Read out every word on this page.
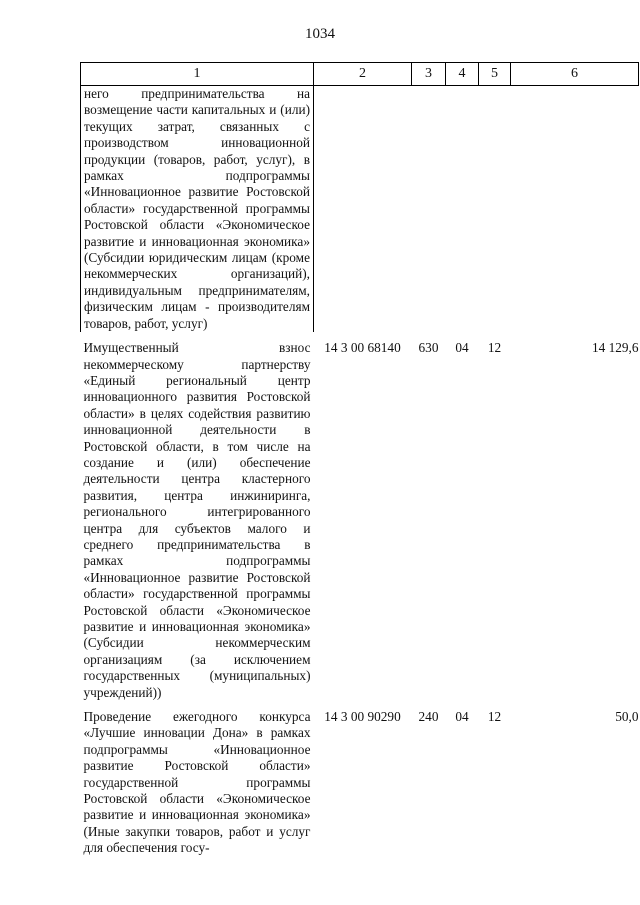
1034
1	2	3	4	5	6

него предпринимательства на возмещение части капитальных и (или) текущих затрат, связанных с производством инновационной продукции (товаров, работ, услуг), в рамках подпрограммы «Инновационное развитие Ростовской области» государственной программы Ростовской области «Экономическое развитие и инновационная экономика» (Субсидии юридическим лицам (кроме некоммерческих организаций), индивидуальным предпринимателям, физическим лицам - производителям товаров, работ, услуг)					

Имущественный взнос некоммерческому партнерству «Единый региональный центр инновационного развития Ростовской области» в целях содействия развитию инновационной деятельности в Ростовской области, в том числе на создание и (или) обеспечение деятельности центра кластерного развития, центра инжиниринга, регионального интегрированного центра для субъектов малого и среднего предпринимательства в рамках подпрограммы «Инновационное развитие Ростовской области» государственной программы Ростовской области «Экономическое развитие и инновационная экономика» (Субсидии некоммерческим организациям (за исключением государственных (муниципальных) учреждений))	14 3 00 68140	630	04	12	14 129,6

Проведение ежегодного конкурса «Лучшие инновации Дона» в рамках подпрограммы «Инновационное развитие Ростовской области» государственной программы Ростовской области «Экономическое развитие и инновационная экономика» (Иные закупки товаров, работ и услуг для обеспечения госу-	14 3 00 90290	240	04	12	50,0
